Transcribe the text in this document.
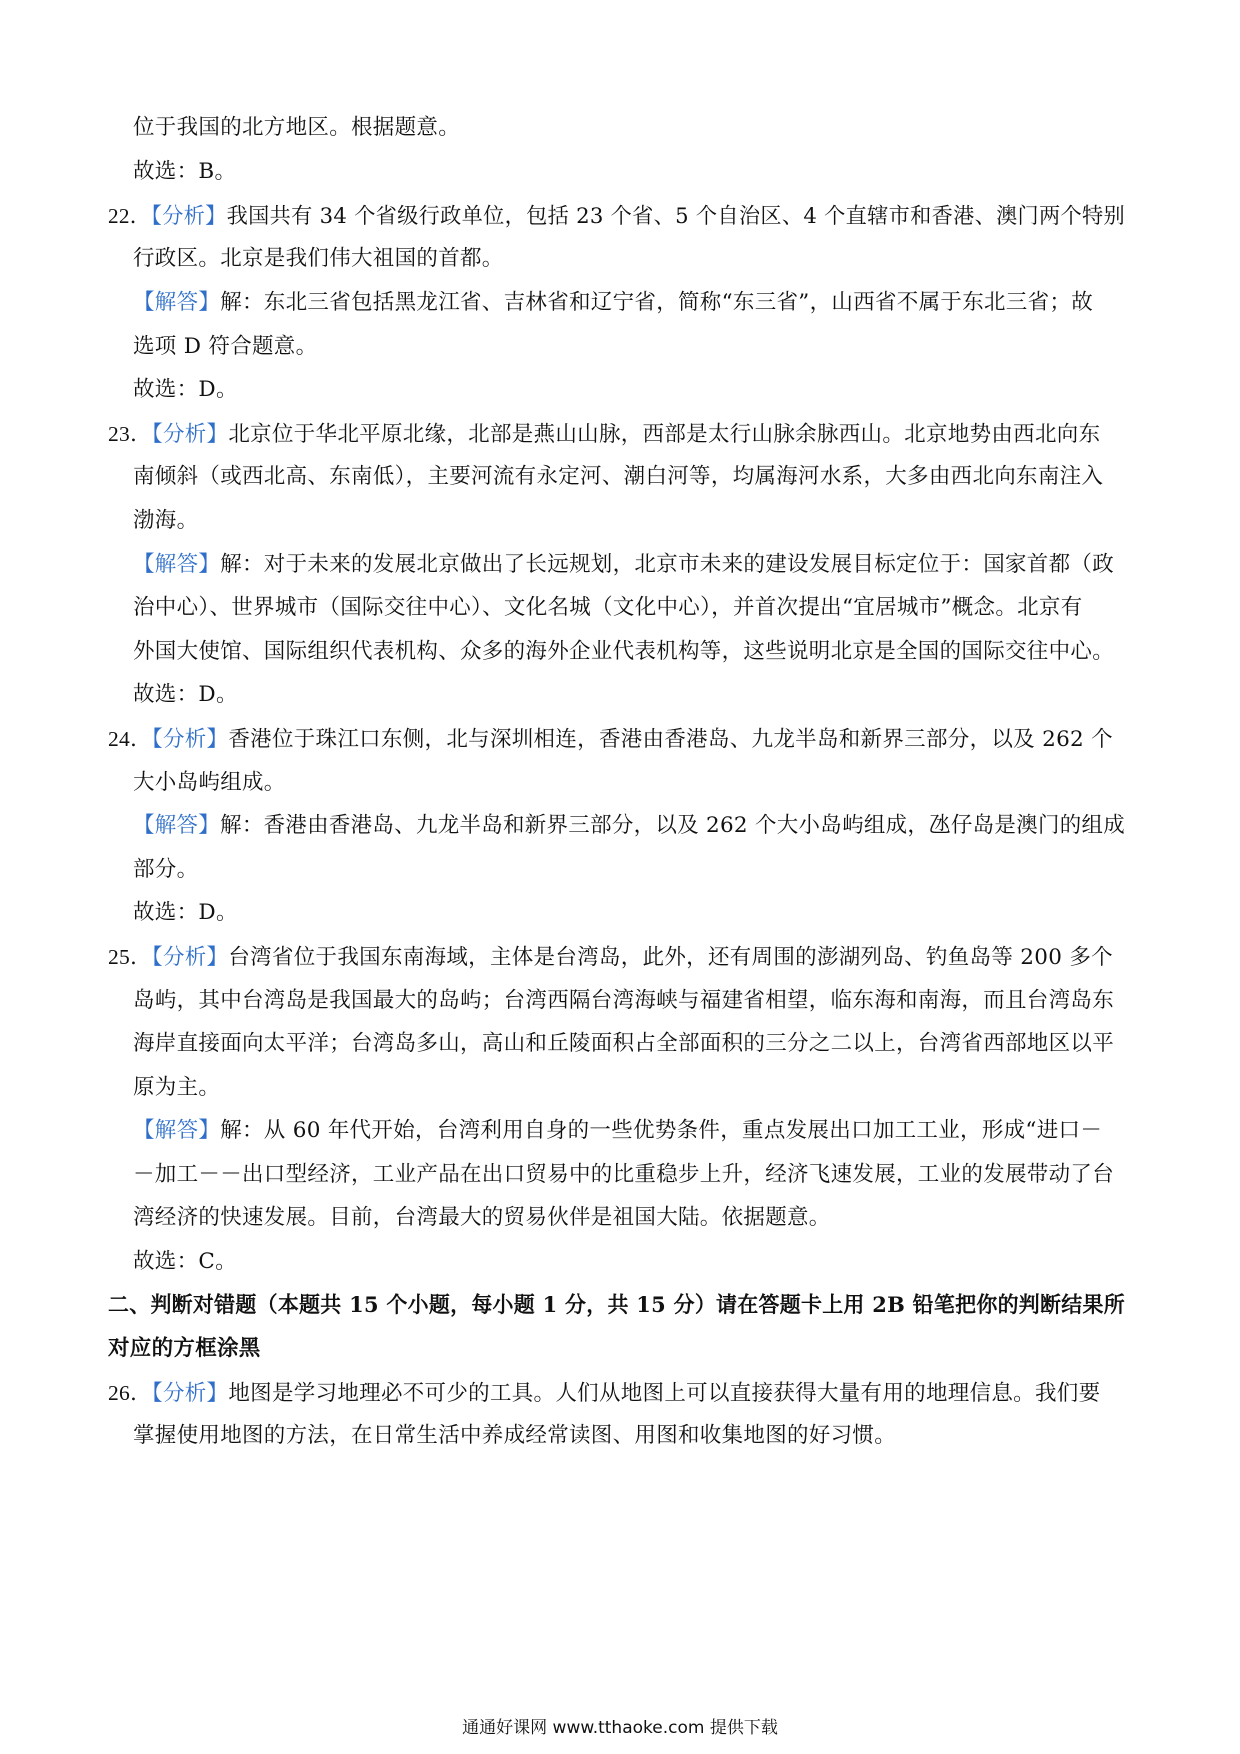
位于我国的北方地区。根据题意。
故选：B。
22．【分析】我国共有 34 个省级行政单位，包括 23 个省、5 个自治区、4 个直辖市和香港、澳门两个特别
行政区。北京是我们伟大祖国的首都。
【解答】解：东北三省包括黑龙江省、吉林省和辽宁省，简称“东三省”，山西省不属于东北三省；故
选项 D 符合题意。
故选：D。
23．【分析】北京位于华北平原北缘，北部是燕山山脉，西部是太行山脉余脉西山。北京地势由西北向东
南倾斜（或西北高、东南低），主要河流有永定河、潮白河等，均属海河水系，大多由西北向东南注入
渤海。
【解答】解：对于未来的发展北京做出了长远规划，北京市未来的建设发展目标定位于：国家首都（政
治中心）、世界城市（国际交往中心）、文化名城（文化中心），并首次提出“宜居城市”概念。北京有
外国大使馆、国际组织代表机构、众多的海外企业代表机构等，这些说明北京是全国的国际交往中心。
故选：D。
24．【分析】香港位于珠江口东侧，北与深圳相连，香港由香港岛、九龙半岛和新界三部分，以及 262 个
大小岛屿组成。
【解答】解：香港由香港岛、九龙半岛和新界三部分，以及 262 个大小岛屿组成，氹仔岛是澳门的组成
部分。
故选：D。
25．【分析】台湾省位于我国东南海域，主体是台湾岛，此外，还有周围的澎湖列岛、钓鱼岛等 200 多个
岛屿，其中台湾岛是我国最大的岛屿；台湾西隔台湾海峡与福建省相望，临东海和南海，而且台湾岛东
海岸直接面向太平洋；台湾岛多山，高山和丘陵面积占全部面积的三分之二以上，台湾省西部地区以平
原为主。
【解答】解：从 60 年代开始，台湾利用自身的一些优势条件，重点发展出口加工工业，形成“进口－
－加工－－出口型经济，工业产品在出口贸易中的比重稳步上升，经济飞速发展，工业的发展带动了台
湾经济的快速发展。目前，台湾最大的贸易伙伴是祖国大陆。依据题意。
故选：C。
二、判断对错题（本题共 15 个小题，每小题 1 分，共 15 分）请在答题卡上用 2B 铅笔把你的判断结果所
对应的方框涂黑
26．【分析】地图是学习地理必不可少的工具。人们从地图上可以直接获得大量有用的地理信息。我们要
掌握使用地图的方法，在日常生活中养成经常读图、用图和收集地图的好习惯。
通通好课网 www.tthaoke.com 提供下载
